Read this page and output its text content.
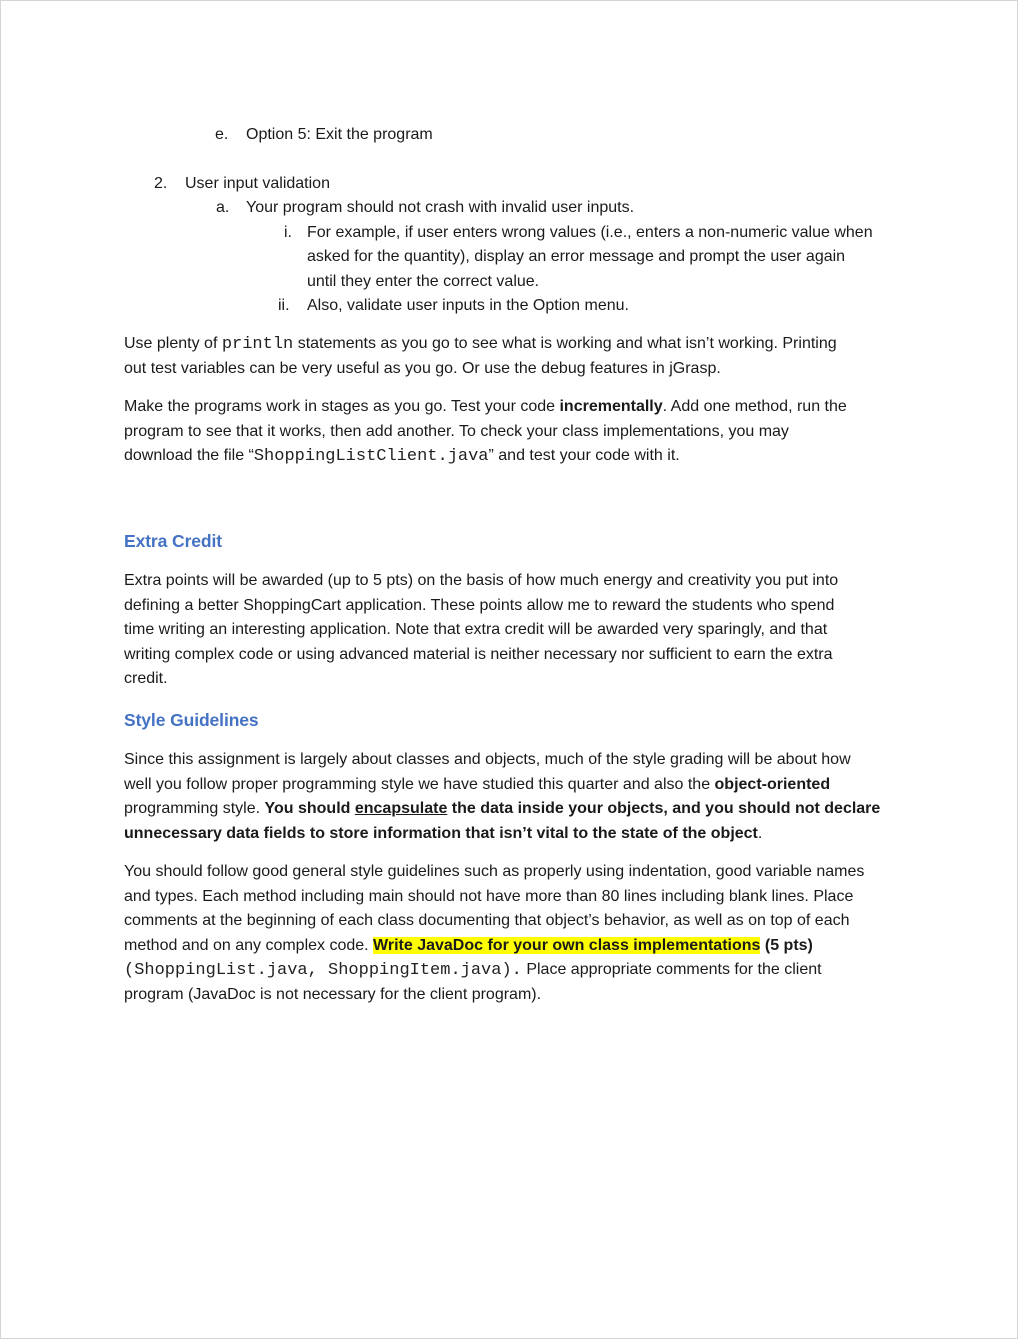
e. Option 5: Exit the program
2. User input validation
a. Your program should not crash with invalid user inputs.
i. For example, if user enters wrong values (i.e., enters a non-numeric value when
asked for the quantity), display an error message and prompt the user again
until they enter the correct value.
ii. Also, validate user inputs in the Option menu.
Use plenty of println statements as you go to see what is working and what isn’t working. Printing
out test variables can be very useful as you go. Or use the debug features in jGrasp.
Make the programs work in stages as you go. Test your code incrementally. Add one method, run the
program to see that it works, then add another. To check your class implementations, you may
download the file “ShoppingListClient.java” and test your code with it.
Extra Credit
Extra points will be awarded (up to 5 pts) on the basis of how much energy and creativity you put into
defining a better ShoppingCart application. These points allow me to reward the students who spend
time writing an interesting application. Note that extra credit will be awarded very sparingly, and that
writing complex code or using advanced material is neither necessary nor sufficient to earn the extra
credit.
Style Guidelines
Since this assignment is largely about classes and objects, much of the style grading will be about how
well you follow proper programming style we have studied this quarter and also the object-oriented
programming style. You should encapsulate the data inside your objects, and you should not declare
unnecessary data fields to store information that isn’t vital to the state of the object.
You should follow good general style guidelines such as properly using indentation, good variable names
and types. Each method including main should not have more than 80 lines including blank lines. Place
comments at the beginning of each class documenting that object’s behavior, as well as on top of each
method and on any complex code. Write JavaDoc for your own class implementations (5 pts)
(ShoppingList.java, ShoppingItem.java). Place appropriate comments for the client
program (JavaDoc is not necessary for the client program).
